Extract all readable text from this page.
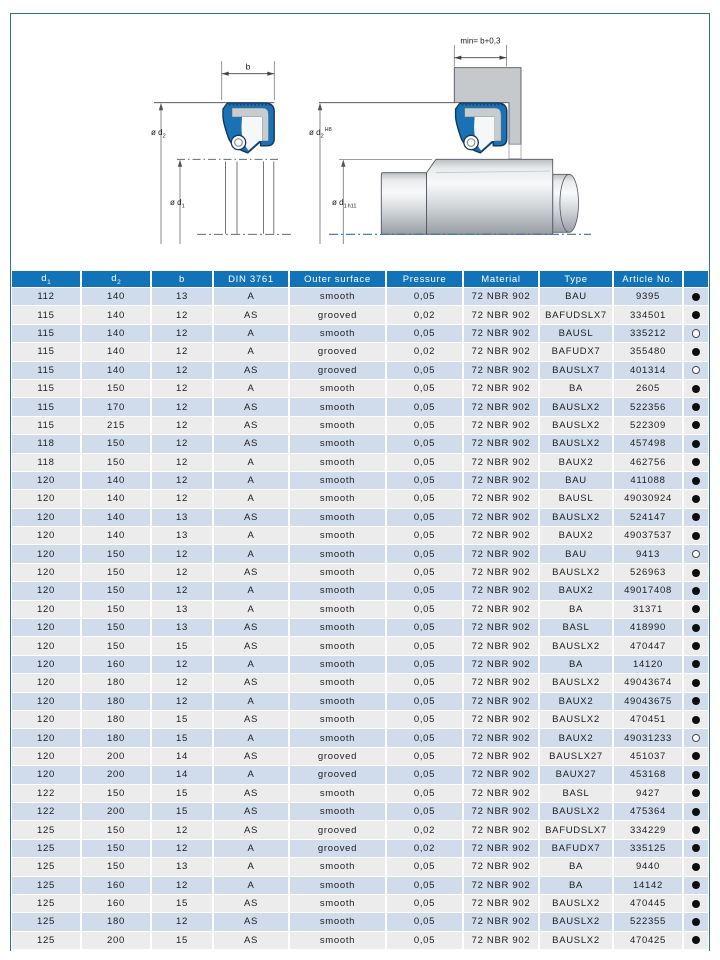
b
ø $d_2$
ø $d_1$
min= b+0,3
ø $d_2^{H8}$
ø $d_1h11$
$d_1$	$d_2$	b	DIN 3761	Outer surface	Pressure	Material	Type	Article No.	
112	140	13	A	smooth	0,05	72 NBR 902	BAU	9395	
115	140	12	AS	grooved	0,02	72 NBR 902	BAFUDSLX7	334501	
115	140	12	A	smooth	0,05	72 NBR 902	BAUSL	335212	
115	140	12	A	grooved	0,02	72 NBR 902	BAFUDX7	355480	
115	140	12	AS	grooved	0,05	72 NBR 902	BAUSLX7	401314	
115	150	12	A	smooth	0,05	72 NBR 902	BA	2605	
115	170	12	AS	smooth	0,05	72 NBR 902	BAUSLX2	522356	
115	215	12	AS	smooth	0,05	72 NBR 902	BAUSLX2	522309	
118	150	12	AS	smooth	0,05	72 NBR 902	BAUSLX2	457498	
118	150	12	A	smooth	0,05	72 NBR 902	BAUX2	462756	
120	140	12	A	smooth	0,05	72 NBR 902	BAU	411088	
120	140	12	A	smooth	0,05	72 NBR 902	BAUSL	49030924	
120	140	13	AS	smooth	0,05	72 NBR 902	BAUSLX2	524147	
120	140	13	A	smooth	0,05	72 NBR 902	BAUX2	49037537	
120	150	12	A	smooth	0,05	72 NBR 902	BAU	9413	
120	150	12	AS	smooth	0,05	72 NBR 902	BAUSLX2	526963	
120	150	12	A	smooth	0,05	72 NBR 902	BAUX2	49017408	
120	150	13	A	smooth	0,05	72 NBR 902	BA	31371	
120	150	13	AS	smooth	0,05	72 NBR 902	BASL	418990	
120	150	15	AS	smooth	0,05	72 NBR 902	BAUSLX2	470447	
120	160	12	A	smooth	0,05	72 NBR 902	BA	14120	
120	180	12	AS	smooth	0,05	72 NBR 902	BAUSLX2	49043674	
120	180	12	A	smooth	0,05	72 NBR 902	BAUX2	49043675	
120	180	15	AS	smooth	0,05	72 NBR 902	BAUSLX2	470451	
120	180	15	A	smooth	0,05	72 NBR 902	BAUX2	49031233	
120	200	14	AS	grooved	0,05	72 NBR 902	BAUSLX27	451037	
120	200	14	A	grooved	0,05	72 NBR 902	BAUX27	453168	
122	150	15	AS	smooth	0,05	72 NBR 902	BASL	9427	
122	200	15	AS	smooth	0,05	72 NBR 902	BAUSLX2	475364	
125	150	12	AS	grooved	0,02	72 NBR 902	BAFUDSLX7	334229	
125	150	12	A	grooved	0,02	72 NBR 902	BAFUDX7	335125	
125	150	13	A	smooth	0,05	72 NBR 902	BA	9440	
125	160	12	A	smooth	0,05	72 NBR 902	BA	14142	
125	160	15	AS	smooth	0,05	72 NBR 902	BAUSLX2	470445	
125	180	12	AS	smooth	0,05	72 NBR 902	BAUSLX2	522355	
125	200	15	AS	smooth	0,05	72 NBR 902	BAUSLX2	470425	
